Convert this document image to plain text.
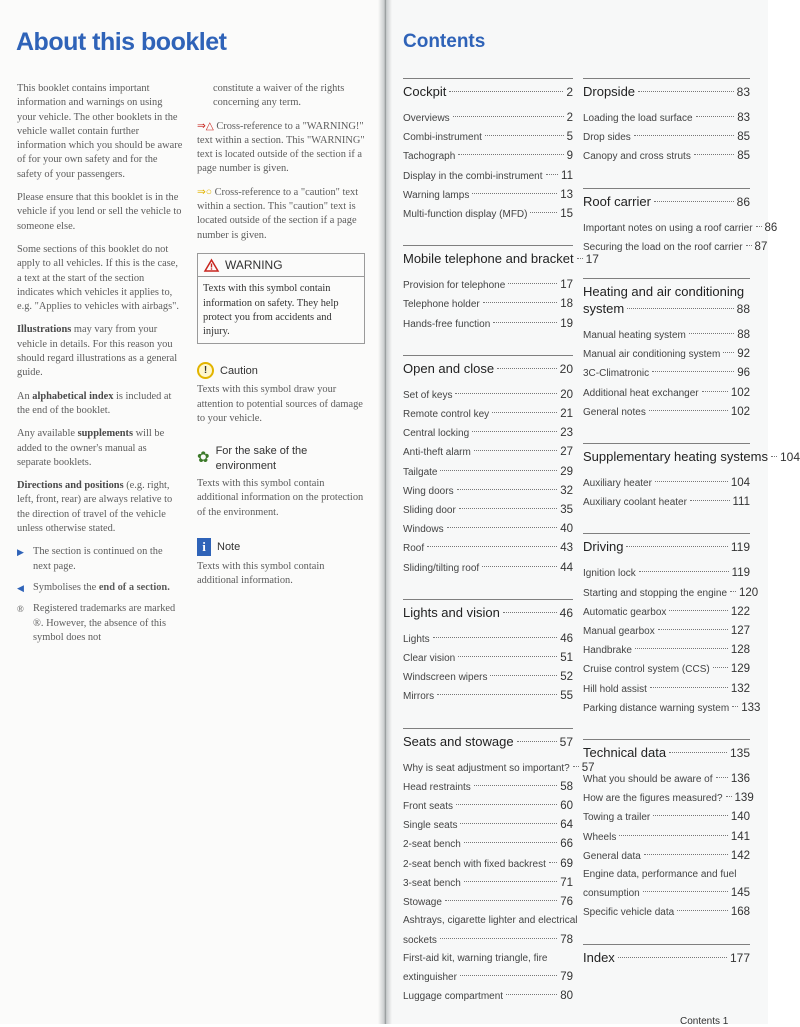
About this booklet

This booklet contains important information and warnings on using your vehicle. The other booklets in the vehicle wallet contain further information which you should be aware of for your own safety and for the safety of your passengers.

Please ensure that this booklet is in the vehicle if you lend or sell the vehicle to someone else.

Some sections of this booklet do not apply to all vehicles. If this is the case, a text at the start of the section indicates which vehicles it applies to, e.g. "Applies to vehicles with airbags".

Illustrations may vary from your vehicle in details. For this reason you should regard illustrations as a general guide.

An alphabetical index is included at the end of the booklet.

Any available supplements will be added to the owner's manual as separate booklets.

Directions and positions (e.g. right, left, front, rear) are always relative to the direction of travel of the vehicle unless otherwise stated.

▶ The section is continued on the next page.
◀ Symbolises the end of a section.
® Registered trademarks are marked ®. However, the absence of this symbol does not

constitute a waiver of the rights concerning any term.

⇒△ Cross-reference to a "WARNING!" text within a section. This "WARNING" text is located outside of the section if a page number is given.

⇒○ Cross-reference to a "caution" text within a section. This "caution" text is located outside of the section if a page number is given.

WARNING
Texts with this symbol contain information on safety. They help protect you from accidents and injury.
!	Caution

Texts with this symbol draw your attention to potential sources of damage to your vehicle.

✿ For the sake of the environment

Texts with this symbol contain additional information on the protection of the environment.

i	Note

Texts with this symbol contain additional information.

Contents
Cockpit	2
Overviews	2
Combi-instrument	5
Tachograph	9
Display in the combi-instrument 11
Warning lamps	13
Multi-function display (MFD)	15
Mobile telephone and bracket 17
Provision for telephone	17
Telephone holder	18
Hands-free function	19
Open and close	20
Set of keys	20
Remote control key	21
Central locking	23
Anti-theft alarm	27
Tailgate	29
Wing doors	32
Sliding door	35
Windows	40
Roof	43
Sliding/tilting roof	44
Lights and vision	46
Lights	46
Clear vision	51
Windscreen wipers	52
Mirrors	55
Seats and stowage	57
Why is seat adjustment so important? 57
Head restraints	58
Front seats	60
Single seats	64
2-seat bench	66
2-seat bench with fixed backrest 69
3-seat bench	71
Stowage	76
Ashtrays, cigarette lighter and electrical
sockets	78
First-aid kit, warning triangle, fire
extinguisher	79
Luggage compartment	80
Dropside	83
Loading the load surface	83
Drop sides	85
Canopy and cross struts	85
Roof carrier	86
Important notes on using a roof carrier 86
Securing the load on the roof carrier 87
Heating and air conditioning
system	88
Manual heating system	88
Manual air conditioning system 92
3C-Climatronic	96
Additional heat exchanger	102
General notes	102
Supplementary heating systems 104
Auxiliary heater	104
Auxiliary coolant heater	111
Driving	119
Ignition lock	119
Starting and stopping the engine 120
Automatic gearbox	122
Manual gearbox	127
Handbrake	128
Cruise control system (CCS) 129
Hill hold assist	132
Parking distance warning system 133
Technical data	135
What you should be aware of 136
How are the figures measured? 139
Towing a trailer	140
Wheels	141
General data	142
Engine data, performance and fuel
consumption	145
Specific vehicle data	168
Index	177
Contents 1
